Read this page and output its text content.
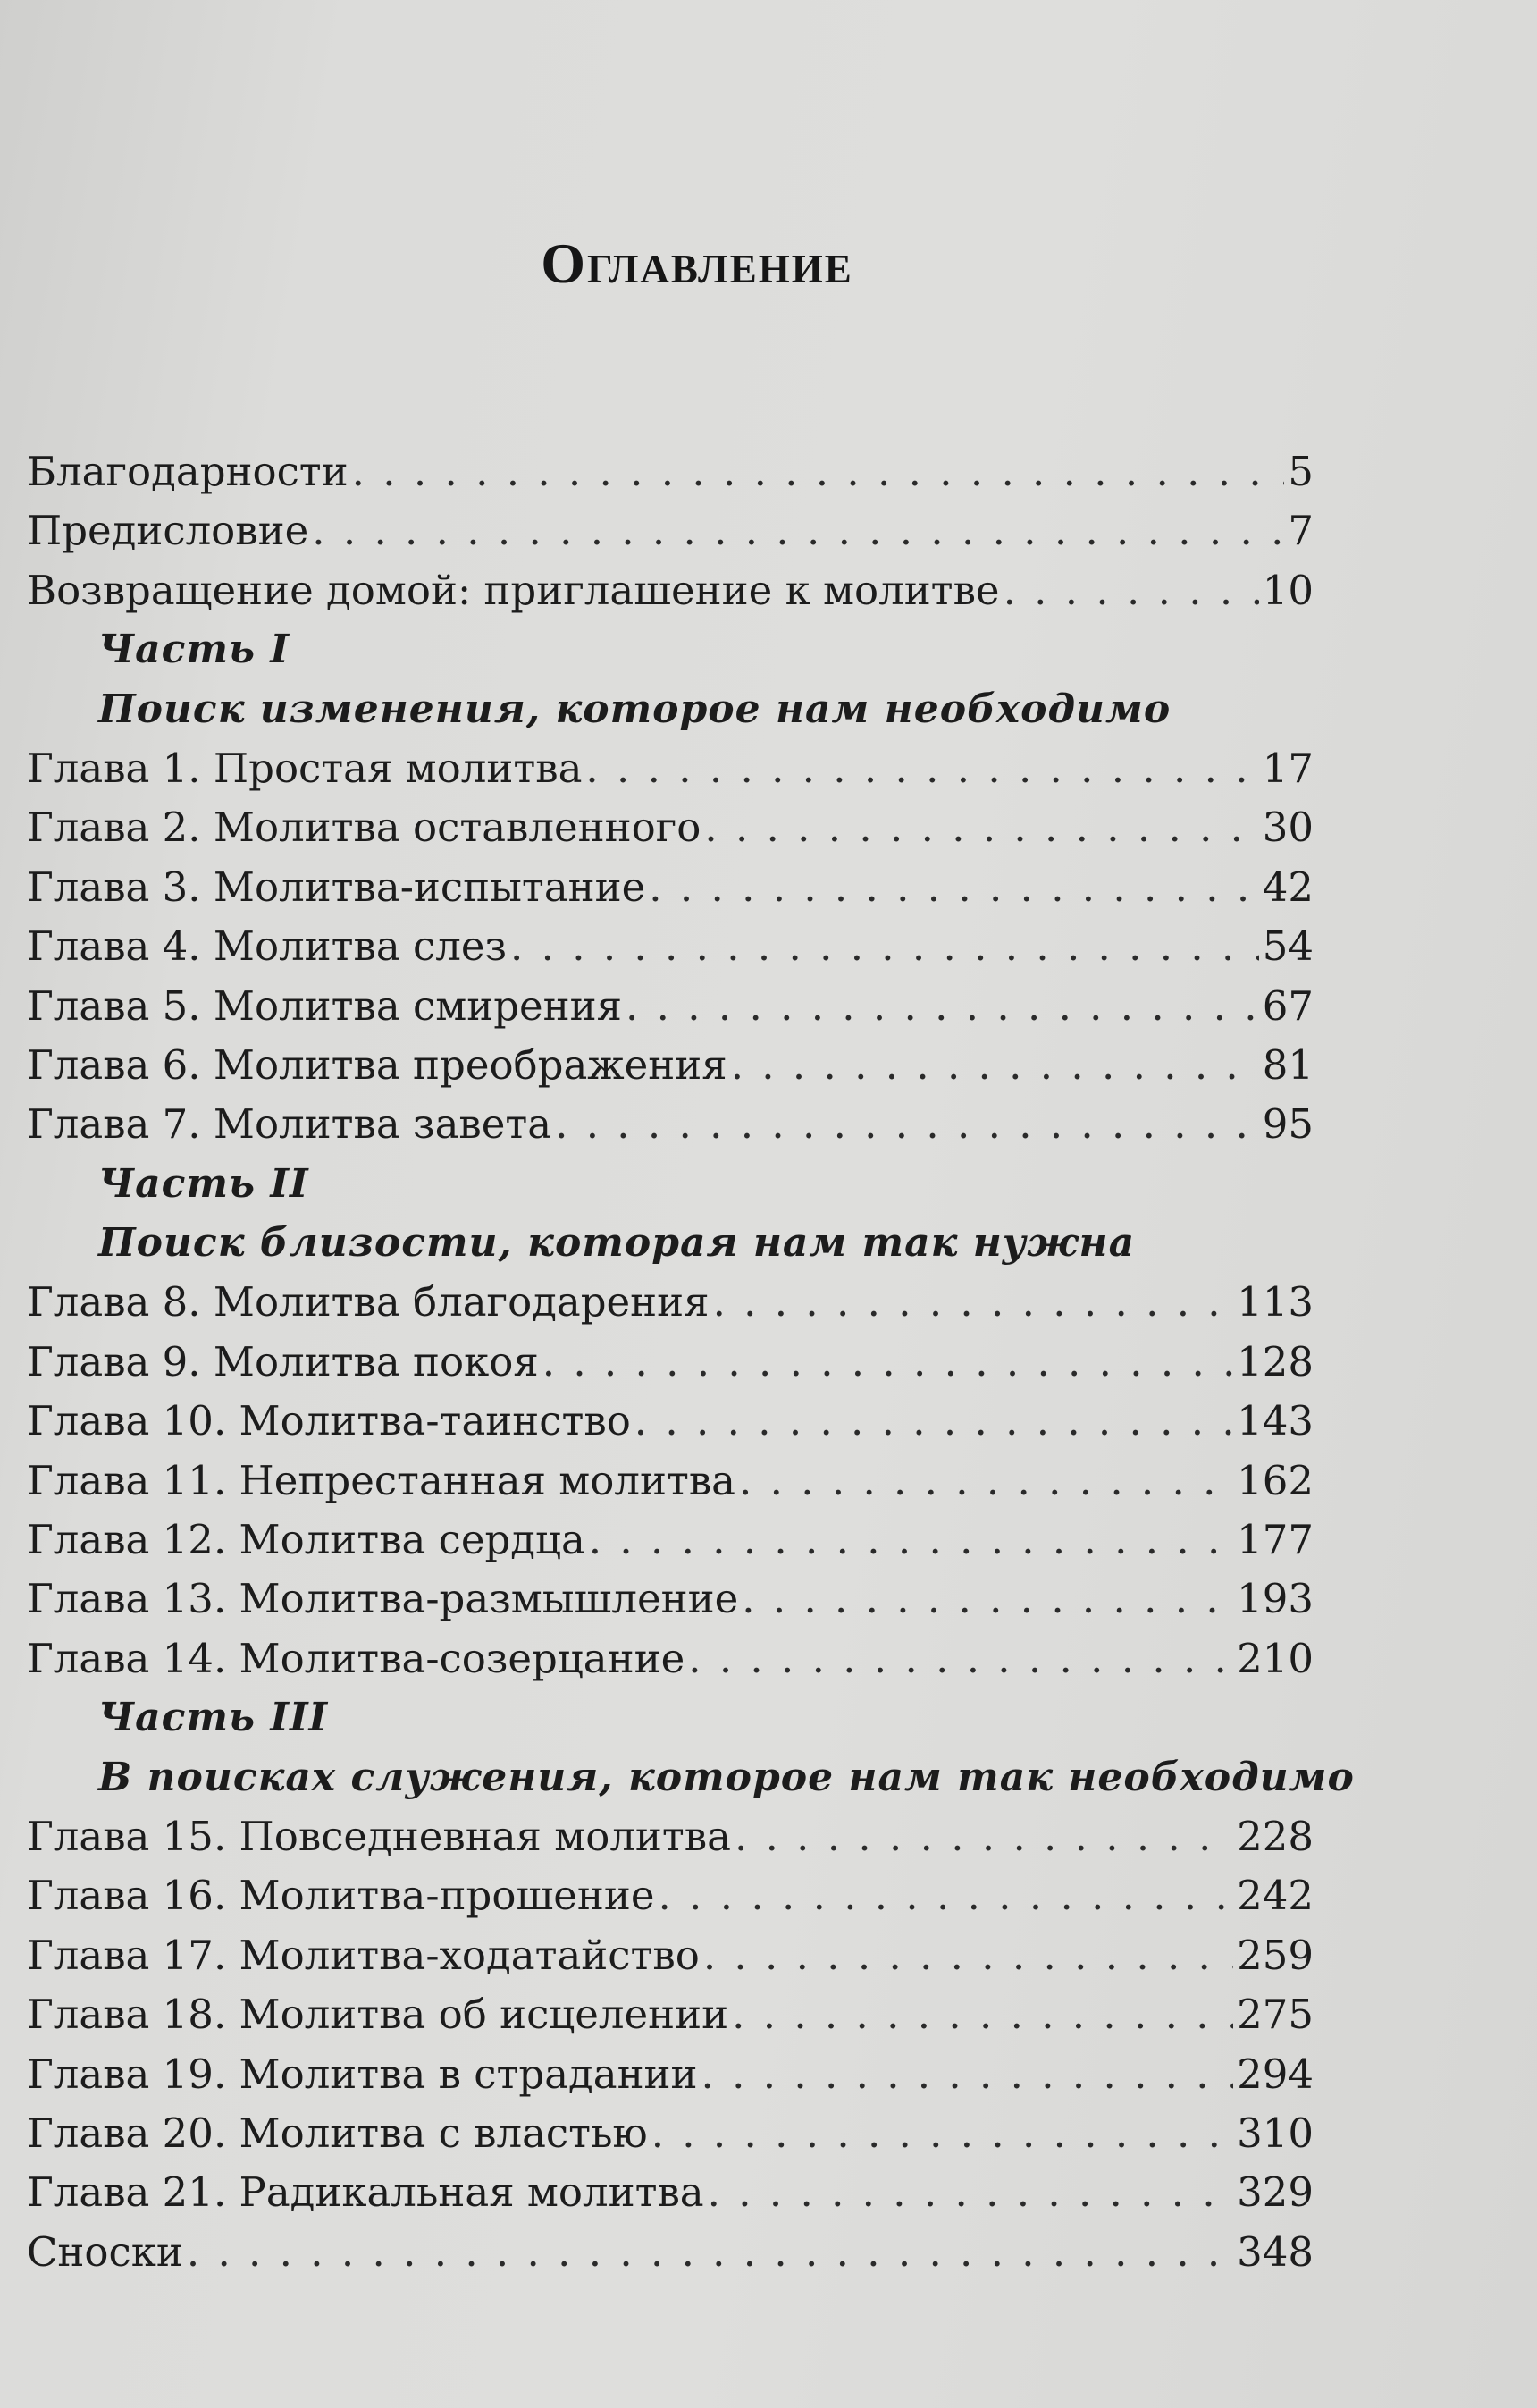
Оглавление
Благодарности . . .	5
Предисловие . . .	7
Возвращение домой: приглашение к молитве . . .	10
Часть I
Поиск изменения, которое нам необходимо
Глава 1. Простая молитва . . .	17
Глава 2. Молитва оставленного . . .	30
Глава 3. Молитва-испытание . . .	42
Глава 4. Молитва слез . . .	54
Глава 5. Молитва смирения . . .	67
Глава 6. Молитва преображения . . .	81
Глава 7. Молитва завета . . .	95
Часть II
Поиск близости, которая нам так нужна
Глава 8. Молитва благодарения . . .	113
Глава 9. Молитва покоя . . .	128
Глава 10. Молитва-таинство . . .	143
Глава 11. Непрестанная молитва . . .	162
Глава 12. Молитва сердца . . .	177
Глава 13. Молитва-размышление . . .	193
Глава 14. Молитва-созерцание . . .	210
Часть III
В поисках служения, которое нам так необходимо
Глава 15. Повседневная молитва . . .	228
Глава 16. Молитва-прошение . . .	242
Глава 17. Молитва-ходатайство . . .	259
Глава 18. Молитва об исцелении . . .	275
Глава 19. Молитва в страдании . . .	294
Глава 20. Молитва с властью . . .	310
Глава 21. Радикальная молитва . . .	329
Сноски . . .	348
